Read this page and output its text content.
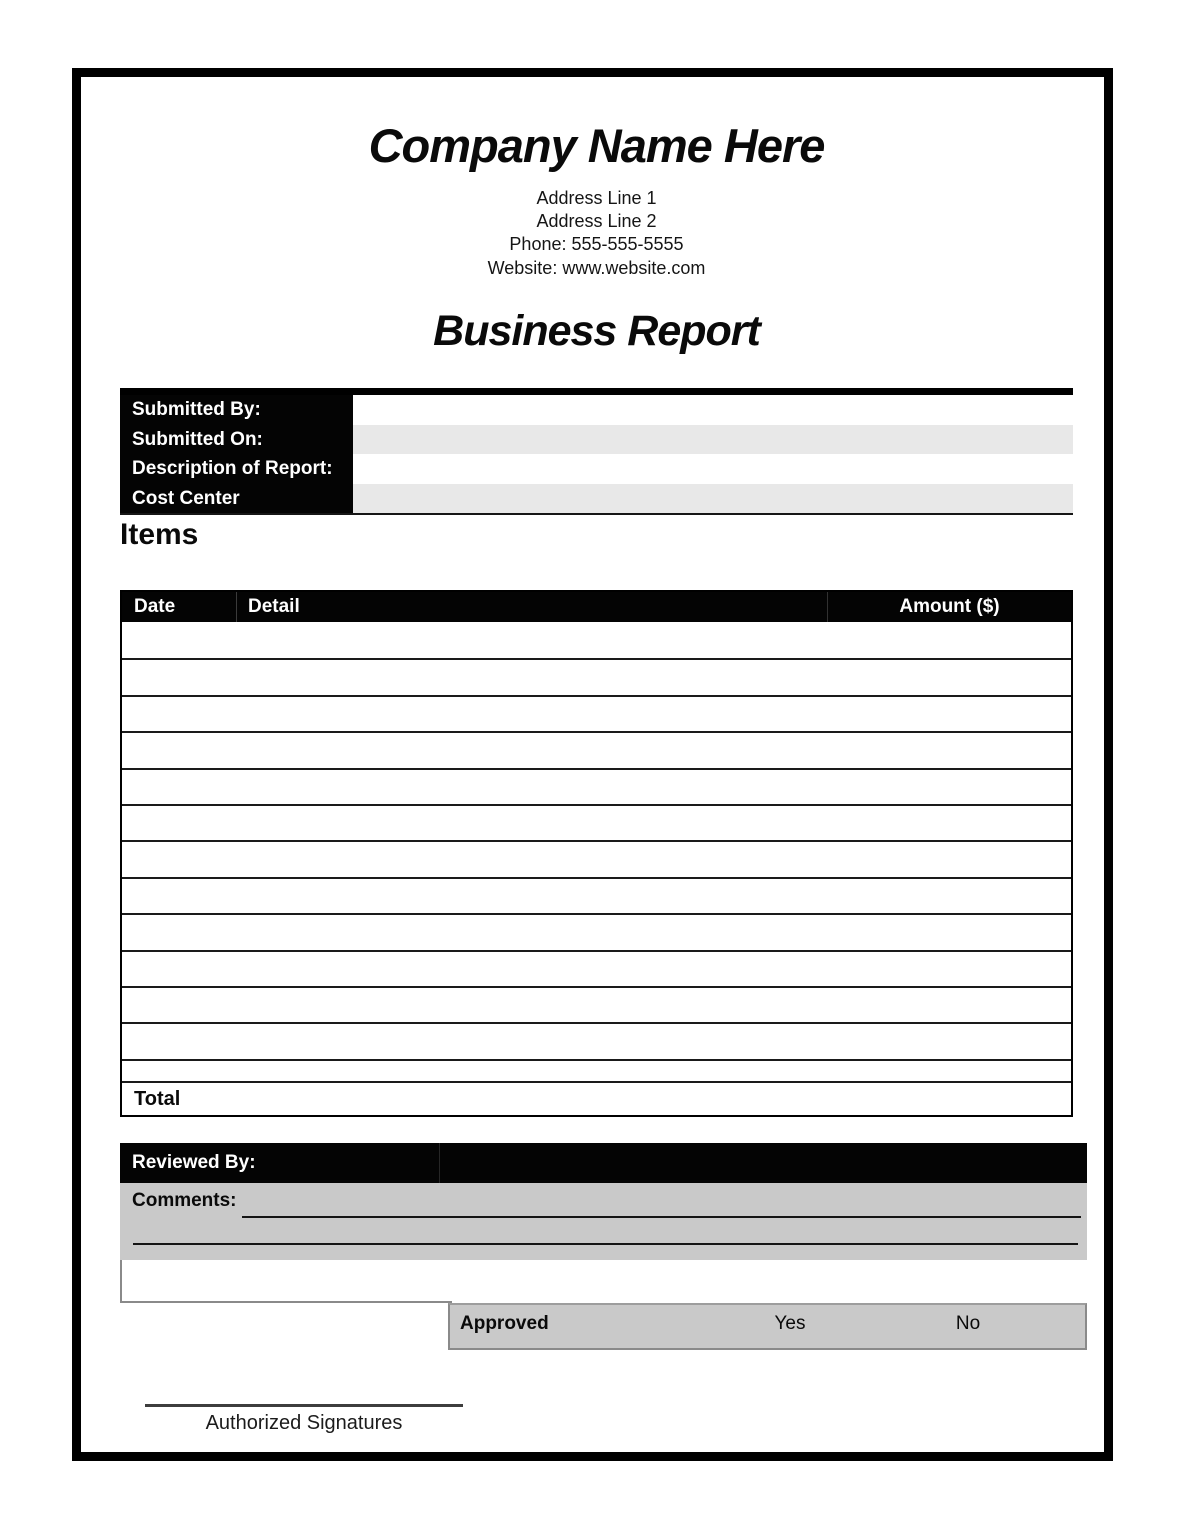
Company Name Here
Address Line 1
Address Line 2
Phone: 555-555-5555
Website: www.website.com
Business Report
Submitted By:
Submitted On:
Description of Report:
Cost Center
Items
Date	Detail	Amount ($)
Total
Reviewed By:
Comments:
Approved	Yes	No
Authorized Signatures
